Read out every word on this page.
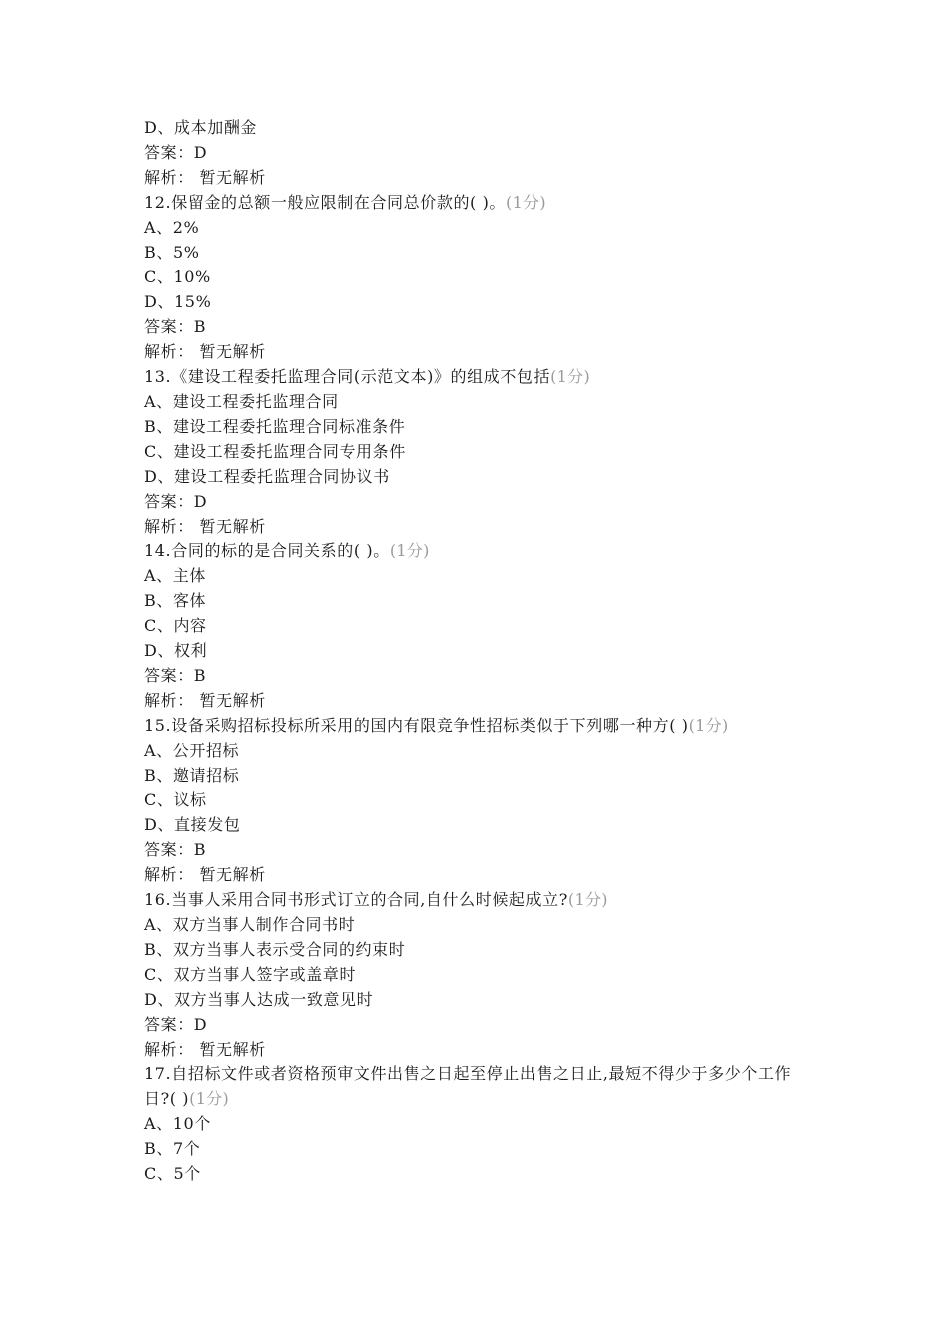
D、成本加酬金
答案：D
解析： 暂无解析
12.保留金的总额一般应限制在合同总价款的( )。(1分)
A、2%
B、5%
C、10%
D、15%
答案：B
解析： 暂无解析
13.《建设工程委托监理合同(示范文本)》的组成不包括(1分)
A、建设工程委托监理合同
B、建设工程委托监理合同标准条件
C、建设工程委托监理合同专用条件
D、建设工程委托监理合同协议书
答案：D
解析： 暂无解析
14.合同的标的是合同关系的( )。(1分)
A、主体
B、客体
C、内容
D、权利
答案：B
解析： 暂无解析
15.设备采购招标投标所采用的国内有限竞争性招标类似于下列哪一种方( )(1分)
A、公开招标
B、邀请招标
C、议标
D、直接发包
答案：B
解析： 暂无解析
16.当事人采用合同书形式订立的合同,自什么时候起成立?(1分)
A、双方当事人制作合同书时
B、双方当事人表示受合同的约束时
C、双方当事人签字或盖章时
D、双方当事人达成一致意见时
答案：D
解析： 暂无解析
17.自招标文件或者资格预审文件出售之日起至停止出售之日止,最短不得少于多少个工作日?( )(1分)
A、10个
B、7个
C、5个
